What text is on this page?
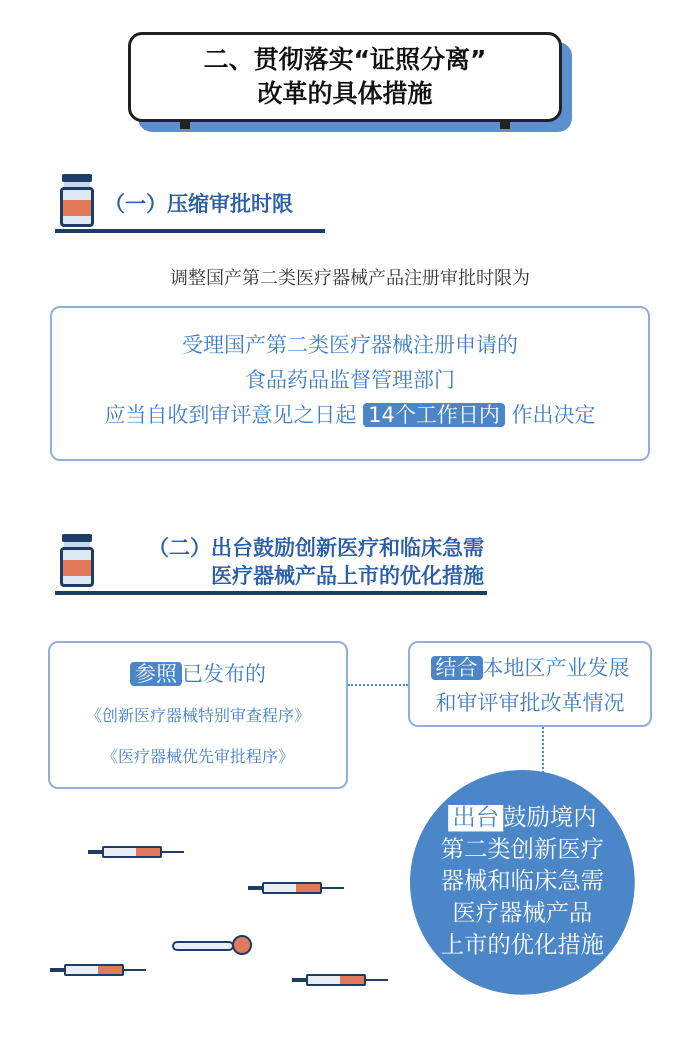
二、贯彻落实“证照分离”
改革的具体措施
（一）压缩审批时限
调整国产第二类医疗器械产品注册审批时限为
受理国产第二类医疗器械注册申请的
食品药品监督管理部门
应当自收到审评意见之日起 14个工作日内 作出决定
（二）出台鼓励创新医疗和临床急需
医疗器械产品上市的优化措施
参照 已发布的
《创新医疗器械特别审查程序》
《医疗器械优先审批程序》
结合 本地区产业发展
和审评审批改革情况
出台 鼓励境内
第二类创新医疗
器械和临床急需
医疗器械产品
上市的优化措施
